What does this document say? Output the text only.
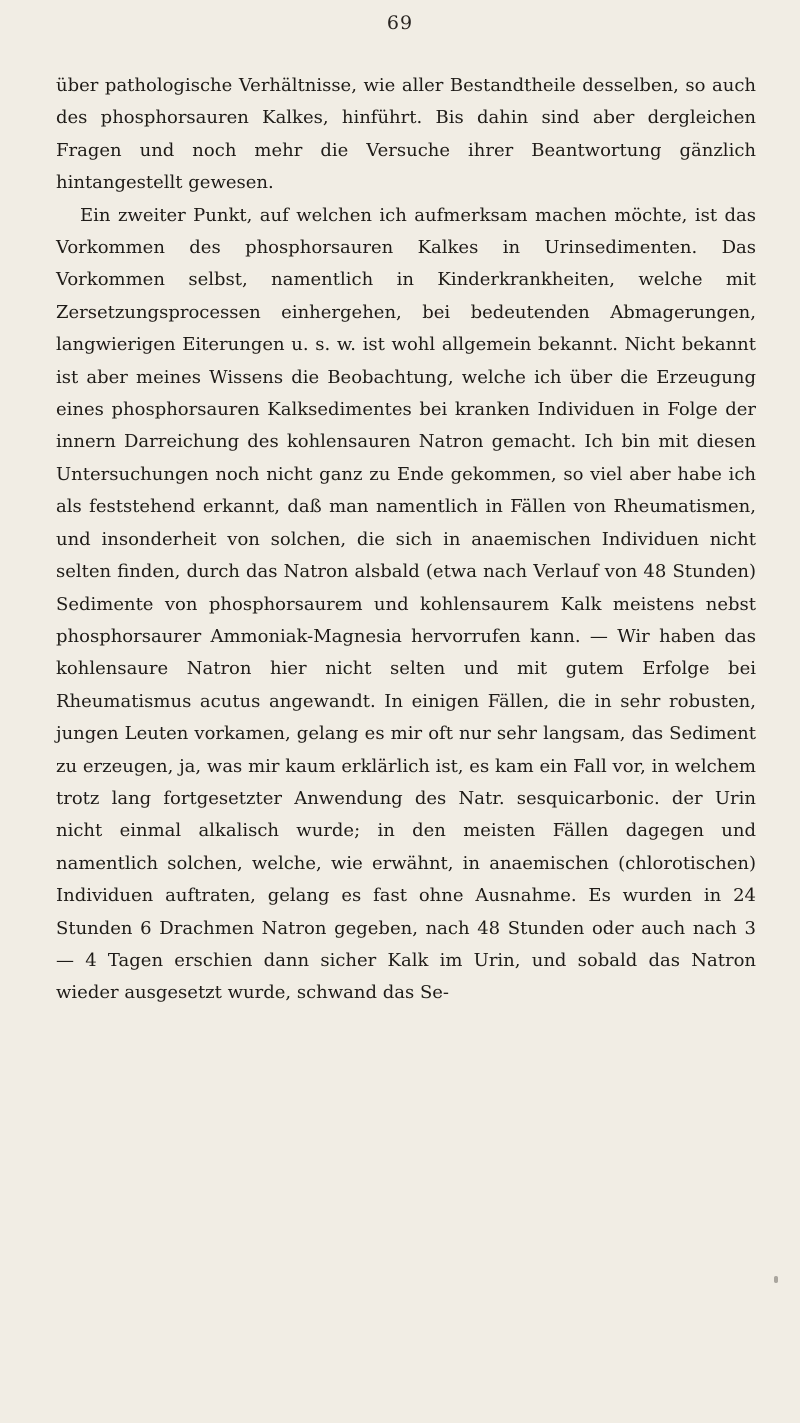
69

über pathologische Verhältnisse, wie aller Bestandtheile desselben, so auch des phosphorsauren Kalkes, hinführt. Bis dahin sind aber dergleichen Fragen und noch mehr die Versuche ihrer Beantwortung gänzlich hintangestellt gewesen.

Ein zweiter Punkt, auf welchen ich aufmerksam machen möchte, ist das Vorkommen des phosphorsauren Kalkes in Urinsedimenten. Das Vorkommen selbst, namentlich in Kinderkrankheiten, welche mit Zersetzungsprocessen einhergehen, bei bedeutenden Abmagerungen, langwierigen Eiterungen u. s. w. ist wohl allgemein bekannt. Nicht bekannt ist aber meines Wissens die Beobachtung, welche ich über die Erzeugung eines phosphorsauren Kalksedimentes bei kranken Individuen in Folge der innern Darreichung des kohlensauren Natron gemacht. Ich bin mit diesen Untersuchungen noch nicht ganz zu Ende gekommen, so viel aber habe ich als feststehend erkannt, daß man namentlich in Fällen von Rheumatismen, und insonderheit von solchen, die sich in anaemischen Individuen nicht selten finden, durch das Natron alsbald (etwa nach Verlauf von 48 Stunden) Sedimente von phosphorsaurem und kohlensaurem Kalk meistens nebst phosphorsaurer Ammoniak-Magnesia hervorrufen kann. — Wir haben das kohlensaure Natron hier nicht selten und mit gutem Erfolge bei Rheumatismus acutus angewandt. In einigen Fällen, die in sehr robusten, jungen Leuten vorkamen, gelang es mir oft nur sehr langsam, das Sediment zu erzeugen, ja, was mir kaum erklärlich ist, es kam ein Fall vor, in welchem trotz lang fortgesetzter Anwendung des Natr. sesquicarbonic. der Urin nicht einmal alkalisch wurde; in den meisten Fällen dagegen und namentlich solchen, welche, wie erwähnt, in anaemischen (chlorotischen) Individuen auftraten, gelang es fast ohne Ausnahme. Es wurden in 24 Stunden 6 Drachmen Natron gegeben, nach 48 Stunden oder auch nach 3 — 4 Tagen erschien dann sicher Kalk im Urin, und sobald das Natron wieder ausgesetzt wurde, schwand das Se-
